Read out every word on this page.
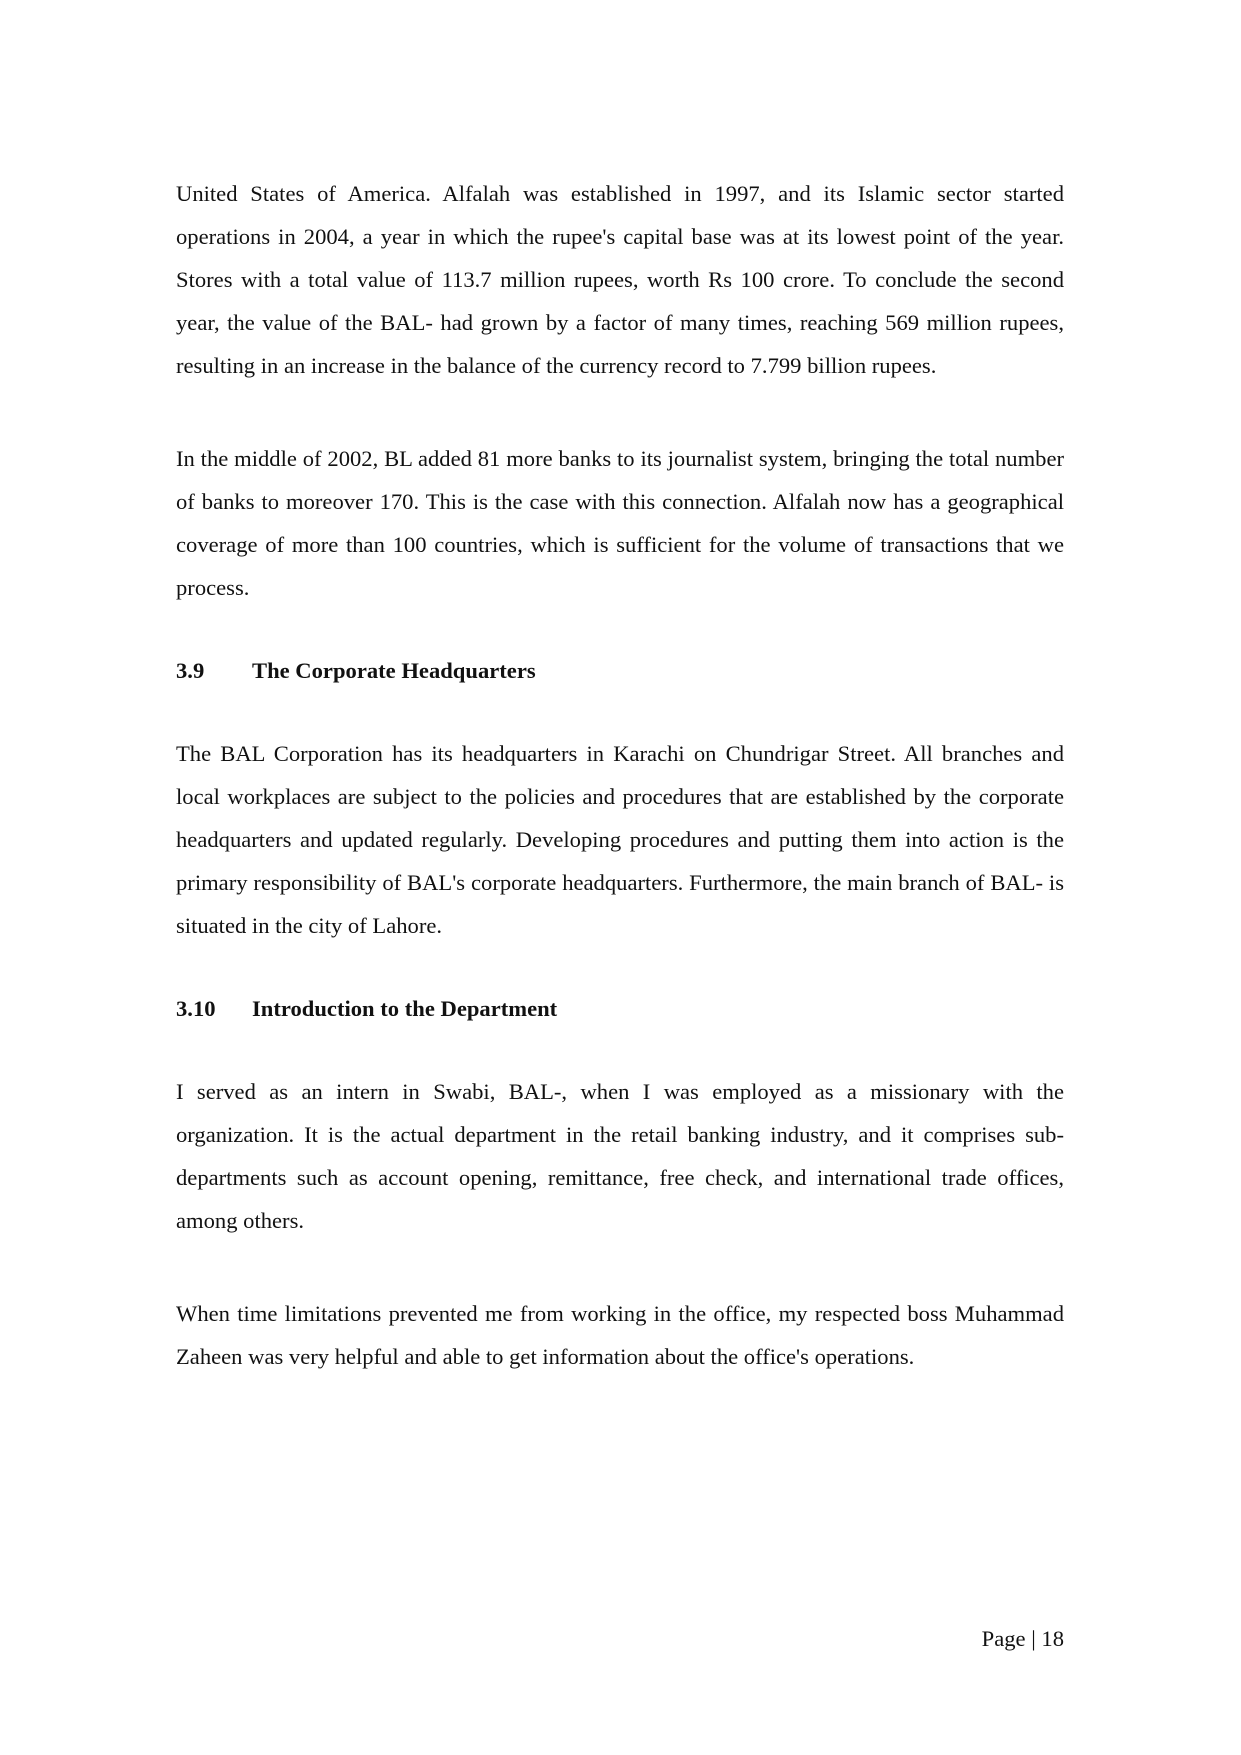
United States of America. Alfalah was established in 1997, and its Islamic sector started operations in 2004, a year in which the rupee's capital base was at its lowest point of the year. Stores with a total value of 113.7 million rupees, worth Rs 100 crore. To conclude the second year, the value of the BAL- had grown by a factor of many times, reaching 569 million rupees, resulting in an increase in the balance of the currency record to 7.799 billion rupees.

In the middle of 2002, BL added 81 more banks to its journalist system, bringing the total number of banks to moreover 170. This is the case with this connection. Alfalah now has a geographical coverage of more than 100 countries, which is sufficient for the volume of transactions that we process.

3.9	The Corporate Headquarters

The BAL Corporation has its headquarters in Karachi on Chundrigar Street. All branches and local workplaces are subject to the policies and procedures that are established by the corporate headquarters and updated regularly. Developing procedures and putting them into action is the primary responsibility of BAL's corporate headquarters. Furthermore, the main branch of BAL- is situated in the city of Lahore.

3.10	Introduction to the Department

I served as an intern in Swabi, BAL-, when I was employed as a missionary with the organization. It is the actual department in the retail banking industry, and it comprises sub-departments such as account opening, remittance, free check, and international trade offices, among others.

When time limitations prevented me from working in the office, my respected boss Muhammad Zaheen was very helpful and able to get information about the office's operations.

Page | 18
